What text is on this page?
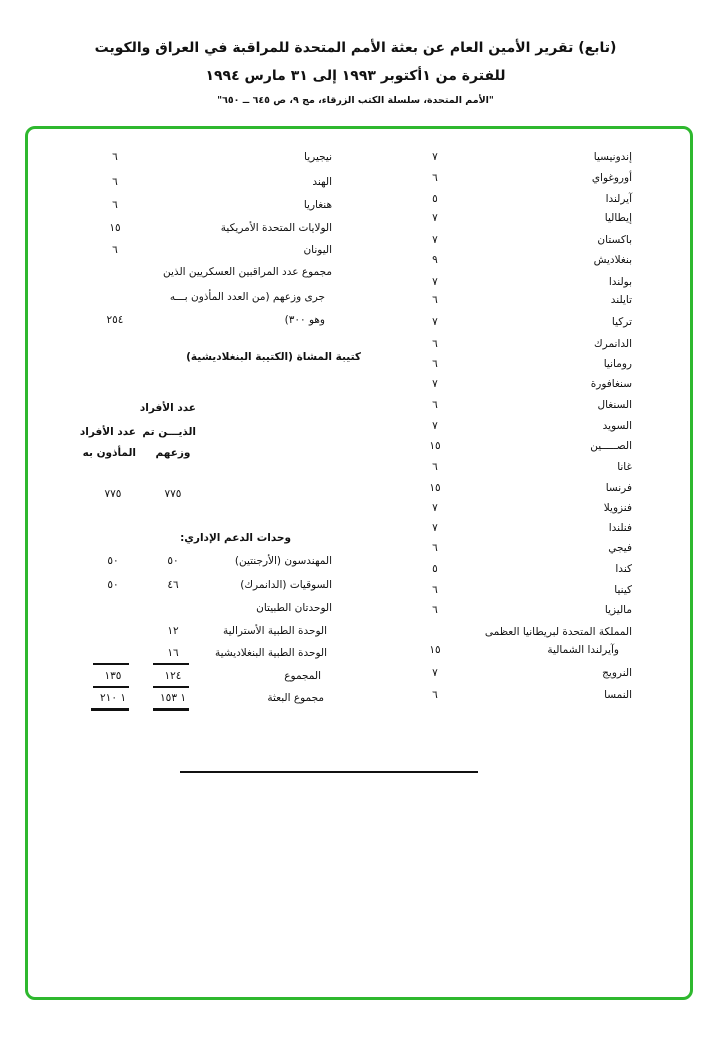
(تابع) تقرير الأمين العام عن بعثة الأمم المتحدة للمراقبة في العراق والكويت
للفترة من ١أكتوبر ١٩٩٣ إلى ٣١ مارس ١٩٩٤
"الأمم المتحدة، سلسلة الكتب الزرقاء، مج ٩، ص ٦٤٥ ــ ٦٥٠"
إندونيسيا
٧
أوروغواي
٦
آيرلندا
٥
إيطاليا
٧
باكستان
٧
بنغلاديش
٩
بولندا
٧
تايلند
٦
تركيا
٧
الدانمرك
٦
رومانيا
٦
سنغافورة
٧
السنغال
٦
السويد
٧
الصـــــين
١٥
غانا
٦
فرنسا
١٥
فنزويلا
٧
فنلندا
٧
فيجي
٦
كندا
٥
كينيا
٦
ماليزيا
٦
المملكة المتحدة لبريطانيا العظمى
وآيرلندا الشمالية
١٥
النرويج
٧
النمسا
٦
نيجيريا
٦
الهند
٦
هنغاريا
٦
الولايات المتحدة الأمريكية
١٥
اليونان
٦
مجموع عدد المراقبين العسكريين الذين
جرى وزعهم (من العدد المأذون بـــه
وهو ٣٠٠)
٢٥٤
المهندسون (الأرجنتين)
٥٠
٥٠
السوقيات (الدانمرك)
٤٦
٥٠
الوحدتان الطبيتان
الوحدة الطبية الأسترالية
١٢
الوحدة الطبية البنغلاديشية
١٦
المجموع
١٢٤
١٣٥
مجموع البعثة
١ ١٥٣
١ ٢١٠
كتيبة المشاة (الكتيبة البنغلاديشية)
عدد الأفراد
الذيـــن تم
وزعهم
عدد الأفراد
المأذون به
٧٧٥
٧٧٥
وحدات الدعم الإداري:
